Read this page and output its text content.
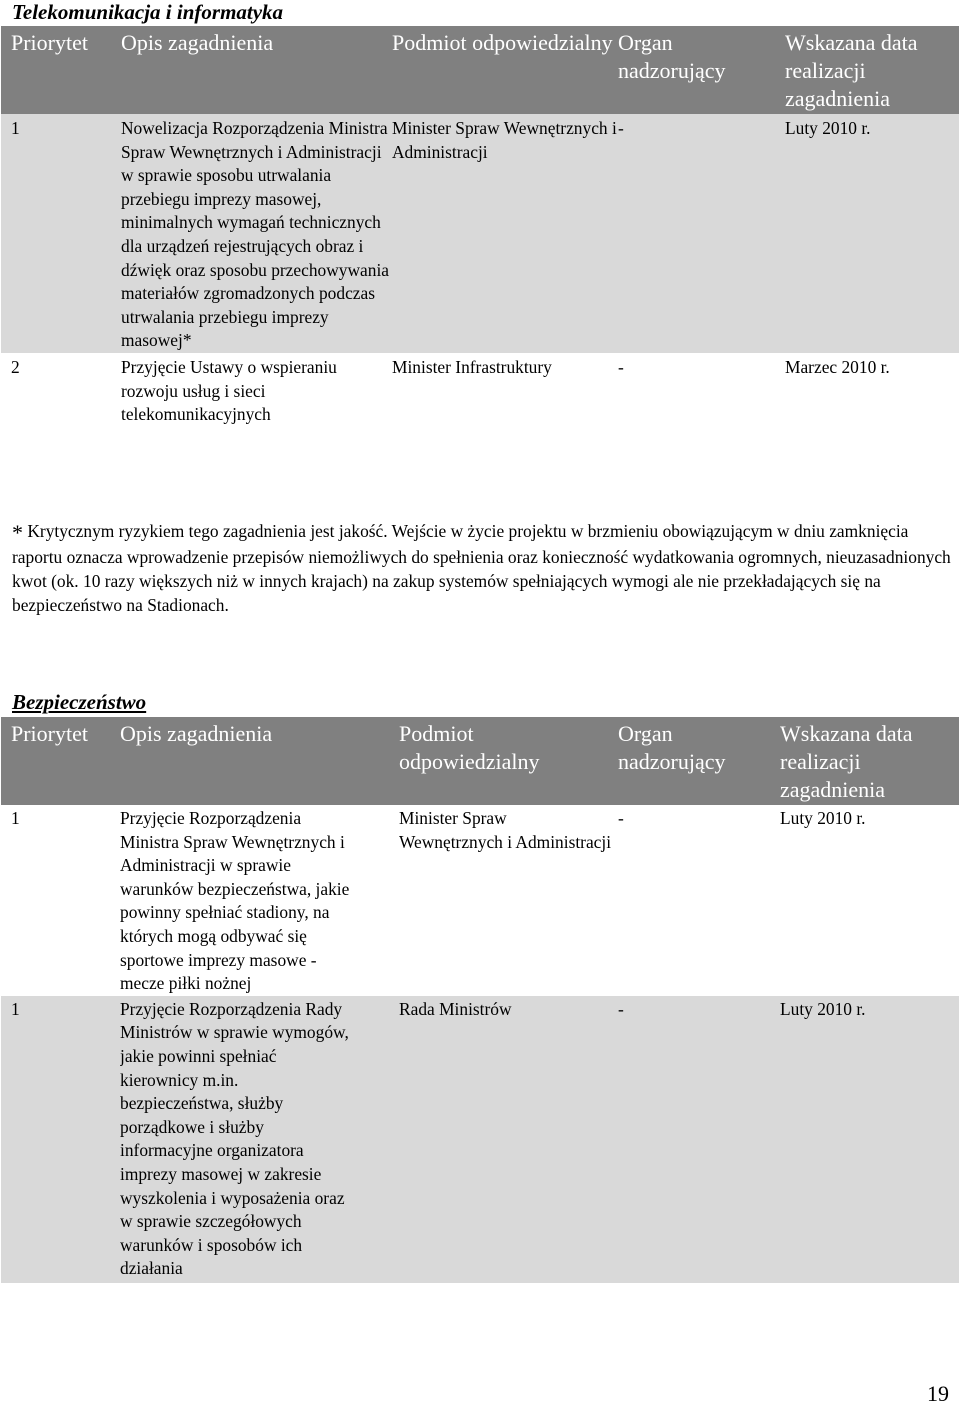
Telekomunikacja i informatyka
Priorytet	Opis zagadnienia	Podmiot odpowiedzialny	Organ nadzorujący	Wskazana data realizacji zagadnienia
1	Nowelizacja Rozporządzenia Ministra Spraw Wewnętrznych i Administracji w sprawie sposobu utrwalania przebiegu imprezy masowej, minimalnych wymagań technicznych dla urządzeń rejestrujących obraz i dźwięk oraz sposobu przechowywania materiałów zgromadzonych podczas utrwalania przebiegu imprezy masowej*	Minister Spraw Wewnętrznych i Administracji	-	Luty 2010 r.
2	Przyjęcie Ustawy o wspieraniu rozwoju usług i sieci telekomunikacyjnych	Minister Infrastruktury	-	Marzec 2010 r.

* Krytycznym ryzykiem tego zagadnienia jest jakość. Wejście w życie projektu w brzmieniu obowiązującym w dniu zamknięcia raportu oznacza wprowadzenie przepisów niemożliwych do spełnienia oraz konieczność wydatkowania ogromnych, nieuzasadnionych kwot (ok. 10 razy większych niż w innych krajach) na zakup systemów spełniających wymogi ale nie przekładających się na bezpieczeństwo na Stadionach.

Bezpieczeństwo
Priorytet	Opis zagadnienia	Podmiot odpowiedzialny	Organ nadzorujący	Wskazana data realizacji zagadnienia
1	Przyjęcie Rozporządzenia Ministra Spraw Wewnętrznych i Administracji w sprawie warunków bezpieczeństwa, jakie powinny spełniać stadiony, na których mogą odbywać się sportowe imprezy masowe - mecze piłki nożnej	Minister Spraw Wewnętrznych i Administracji	-	Luty 2010 r.
1	Przyjęcie Rozporządzenia Rady Ministrów w sprawie wymogów, jakie powinni spełniać kierownicy m.in. bezpieczeństwa, służby porządkowe i służby informacyjne organizatora imprezy masowej w zakresie wyszkolenia i wyposażenia oraz w sprawie szczegółowych warunków i sposobów ich działania	Rada Ministrów	-	Luty 2010 r.
19
